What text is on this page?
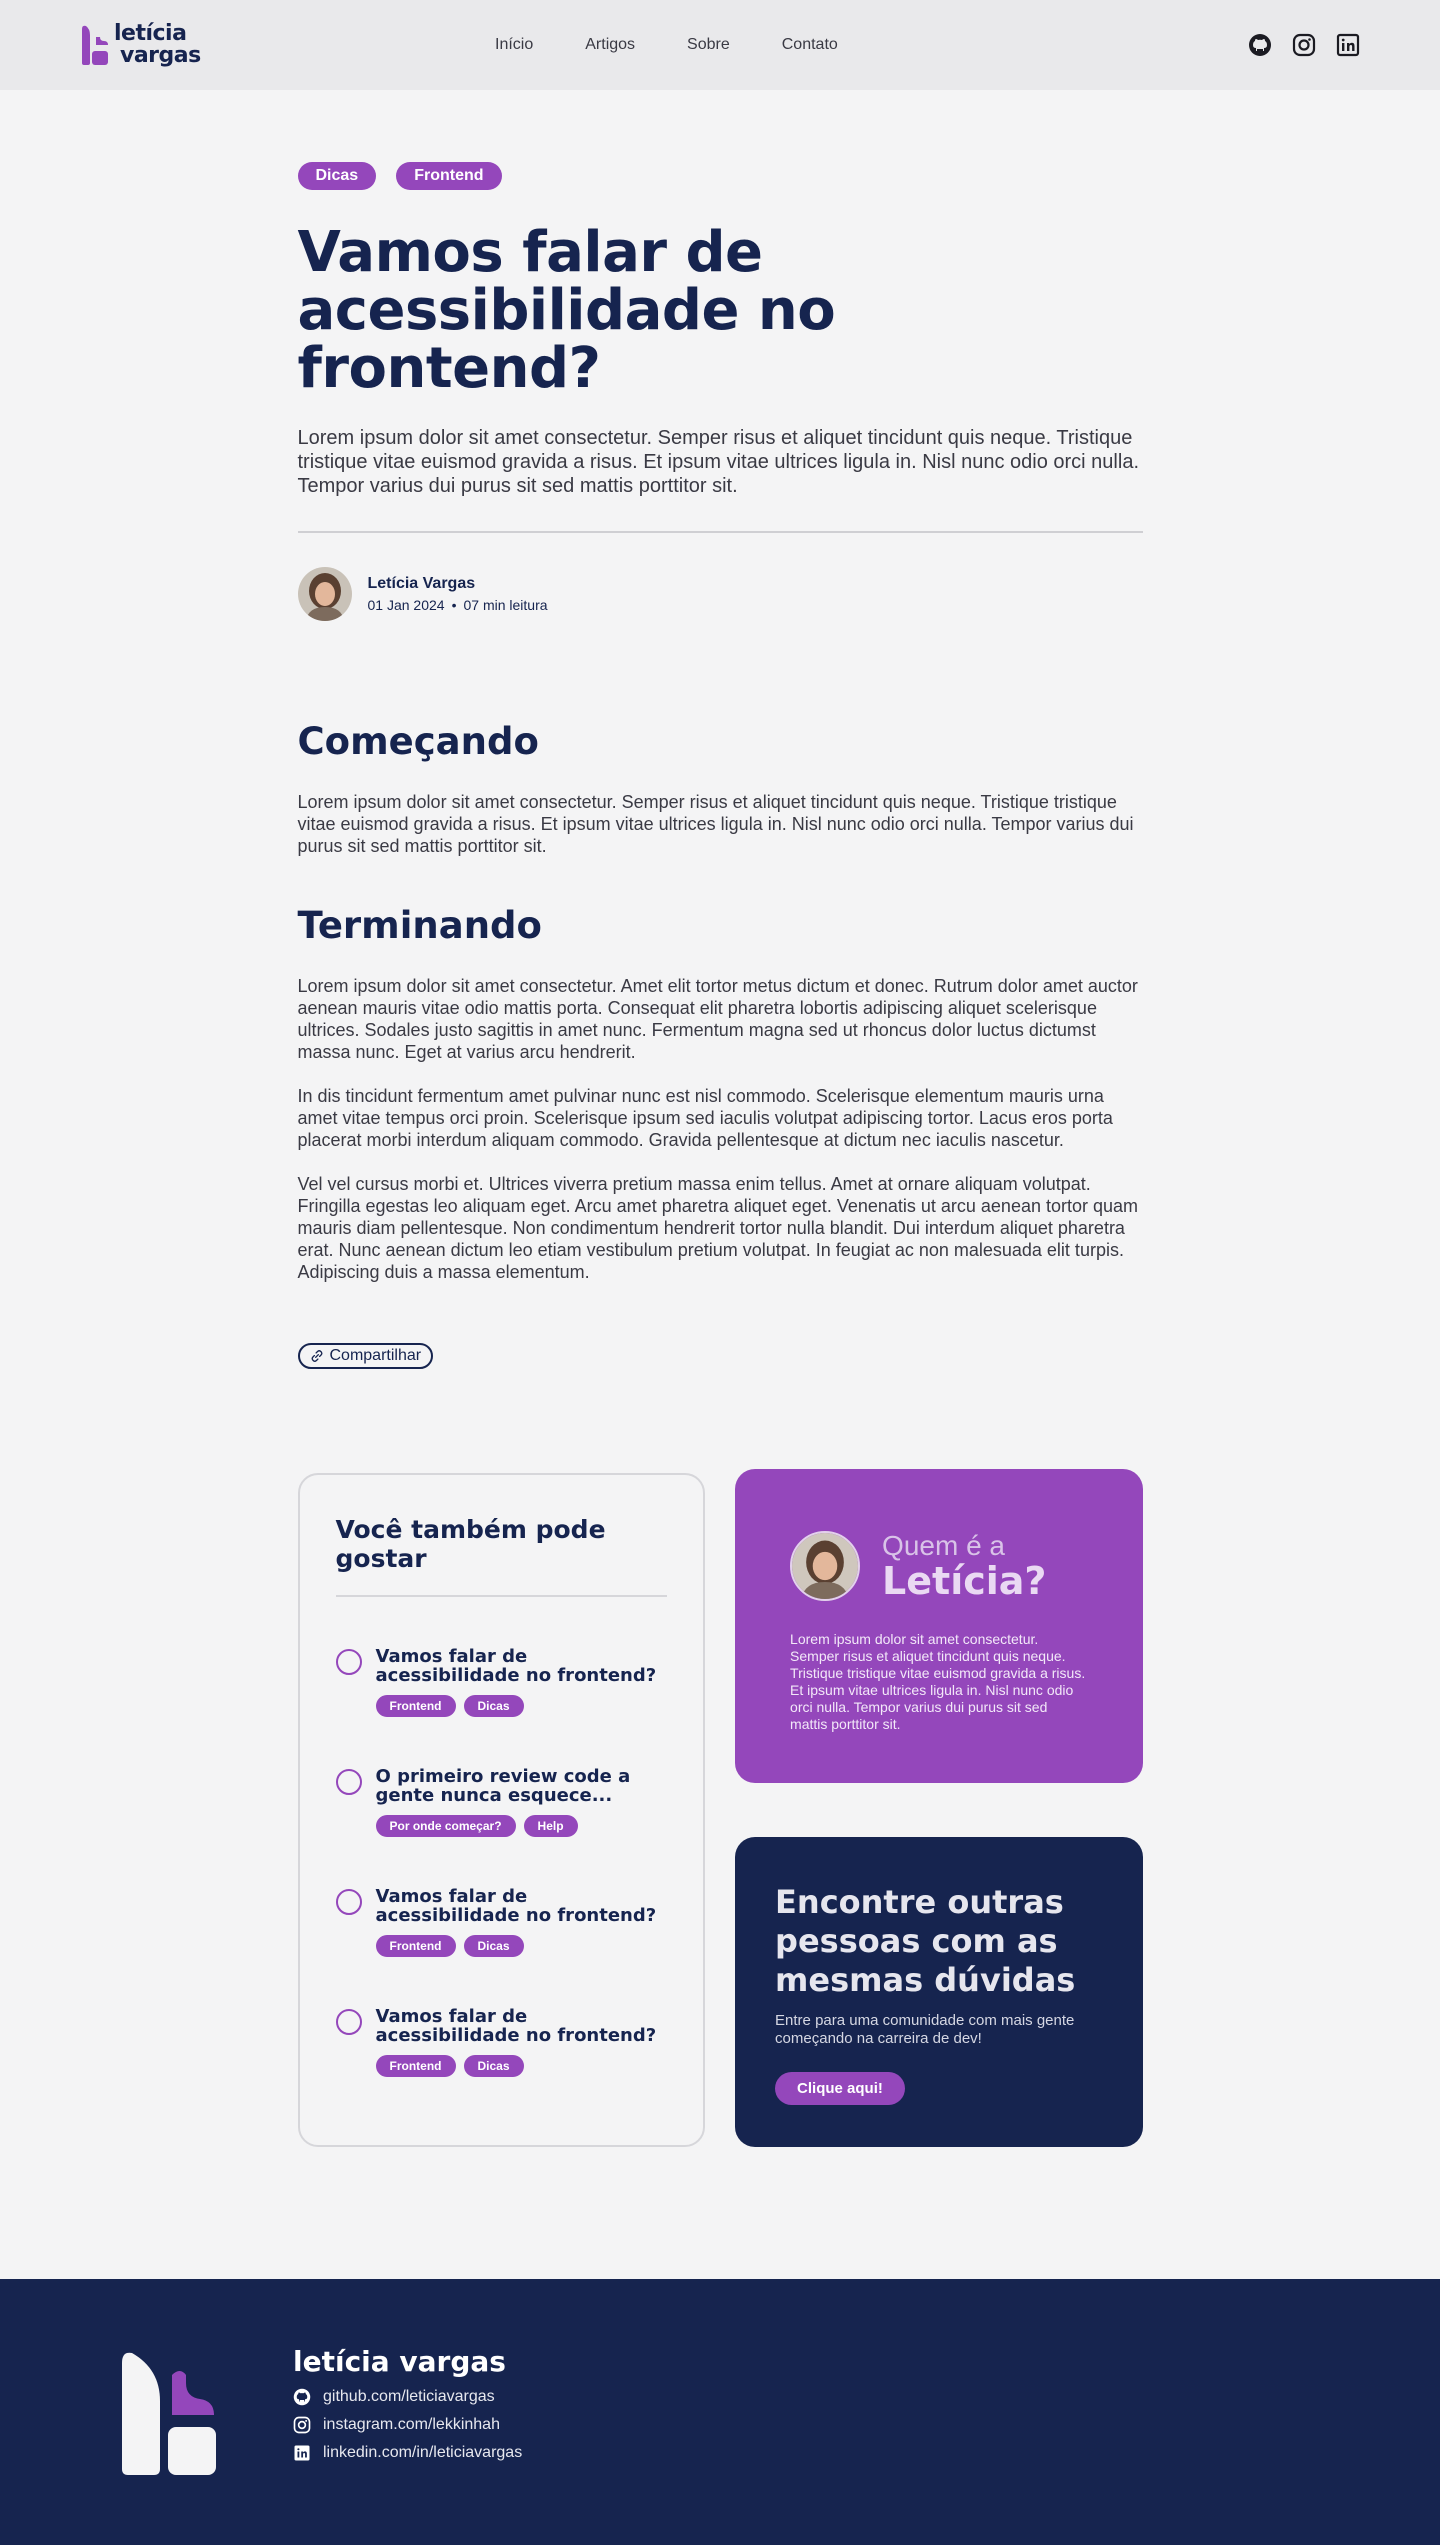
letícia
vargas	Início	Artigos	Sobre	Contato
Dicas	Frontend
Vamos falar de acessibilidade no frontend?

Lorem ipsum dolor sit amet consectetur. Semper risus et aliquet tincidunt quis neque. Tristique tristique vitae euismod gravida a risus. Et ipsum vitae ultrices ligula in. Nisl nunc odio orci nulla. Tempor varius dui purus sit sed mattis porttitor sit.

Letícia Vargas
01 Jan 2024 • 07 min leitura
Começando

Lorem ipsum dolor sit amet consectetur. Semper risus et aliquet tincidunt quis neque. Tristique tristique vitae euismod gravida a risus. Et ipsum vitae ultrices ligula in. Nisl nunc odio orci nulla. Tempor varius dui purus sit sed mattis porttitor sit.

Terminando

Lorem ipsum dolor sit amet consectetur. Amet elit tortor metus dictum et donec. Rutrum dolor amet auctor aenean mauris vitae odio mattis porta. Consequat elit pharetra lobortis adipiscing aliquet scelerisque ultrices. Sodales justo sagittis in amet nunc. Fermentum magna sed ut rhoncus dolor luctus dictumst massa nunc. Eget at varius arcu hendrerit.

In dis tincidunt fermentum amet pulvinar nunc est nisl commodo. Scelerisque elementum mauris urna amet vitae tempus orci proin. Scelerisque ipsum sed iaculis volutpat adipiscing tortor. Lacus eros porta placerat morbi interdum aliquam commodo. Gravida pellentesque at dictum nec iaculis nascetur.

Vel vel cursus morbi et. Ultrices viverra pretium massa enim tellus. Amet at ornare aliquam volutpat. Fringilla egestas leo aliquam eget. Arcu amet pharetra aliquet eget. Venenatis ut arcu aenean tortor quam mauris diam pellentesque. Non condimentum hendrerit tortor nulla blandit. Dui interdum aliquet pharetra erat. Nunc aenean dictum leo etiam vestibulum pretium volutpat. In feugiat ac non malesuada elit turpis. Adipiscing duis a massa elementum.

Compartilhar
Você também pode gostar
Vamos falar de acessibilidade no frontend?
Frontend	Dicas
O primeiro review code a gente nunca esquece...
Por onde começar?	Help
Vamos falar de acessibilidade no frontend?
Frontend	Dicas
Vamos falar de acessibilidade no frontend?
Frontend	Dicas
Quem é a
Letícia?

Lorem ipsum dolor sit amet consectetur. Semper risus et aliquet tincidunt quis neque. Tristique tristique vitae euismod gravida a risus. Et ipsum vitae ultrices ligula in. Nisl nunc odio orci nulla. Tempor varius dui purus sit sed mattis porttitor sit.

Encontre outras pessoas com as mesmas dúvidas

Entre para uma comunidade com mais gente começando na carreira de dev!

Clique aqui!
letícia vargas
github.com/leticiavargas
instagram.com/lekkinhah
linkedin.com/in/leticiavargas
